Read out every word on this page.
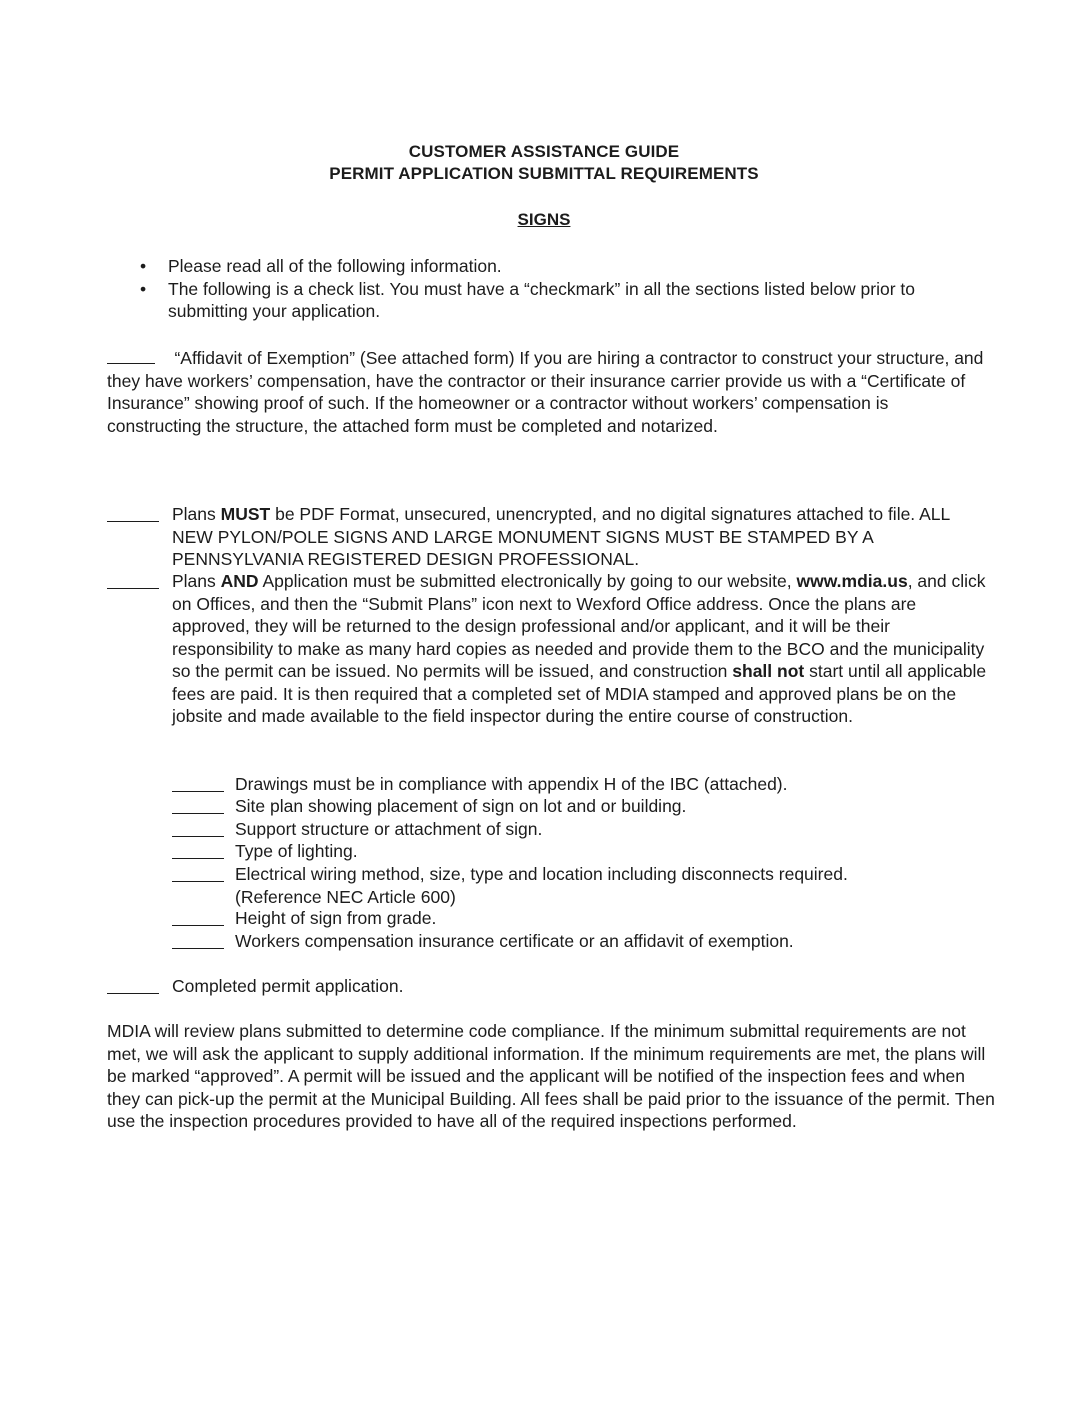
CUSTOMER ASSISTANCE GUIDE
PERMIT APPLICATION SUBMITTAL REQUIREMENTS
SIGNS
• Please read all of the following information.
• The following is a check list. You must have a “checkmark” in all the sections listed below prior to submitting your application.
“Affidavit of Exemption” (See attached form) If you are hiring a contractor to construct your structure, and they have workers’ compensation, have the contractor or their insurance carrier provide us with a “Certificate of Insurance” showing proof of such. If the homeowner or a contractor without workers’ compensation is constructing the structure, the attached form must be completed and notarized.
Plans MUST be PDF Format, unsecured, unencrypted, and no digital signatures attached to file. ALL NEW PYLON/POLE SIGNS AND LARGE MONUMENT SIGNS MUST BE STAMPED BY A PENNSYLVANIA REGISTERED DESIGN PROFESSIONAL.
Plans AND Application must be submitted electronically by going to our website, www.mdia.us, and click on Offices, and then the “Submit Plans” icon next to Wexford Office address. Once the plans are approved, they will be returned to the design professional and/or applicant, and it will be their responsibility to make as many hard copies as needed and provide them to the BCO and the municipality so the permit can be issued. No permits will be issued, and construction shall not start until all applicable fees are paid. It is then required that a completed set of MDIA stamped and approved plans be on the jobsite and made available to the field inspector during the entire course of construction.
Drawings must be in compliance with appendix H of the IBC (attached).
Site plan showing placement of sign on lot and or building.
Support structure or attachment of sign.
Type of lighting.
Electrical wiring method, size, type and location including disconnects required.
(Reference NEC Article 600)
Height of sign from grade.
Workers compensation insurance certificate or an affidavit of exemption.
Completed permit application.
MDIA will review plans submitted to determine code compliance. If the minimum submittal requirements are not met, we will ask the applicant to supply additional information. If the minimum requirements are met, the plans will be marked “approved”. A permit will be issued and the applicant will be notified of the inspection fees and when they can pick-up the permit at the Municipal Building. All fees shall be paid prior to the issuance of the permit. Then use the inspection procedures provided to have all of the required inspections performed.
